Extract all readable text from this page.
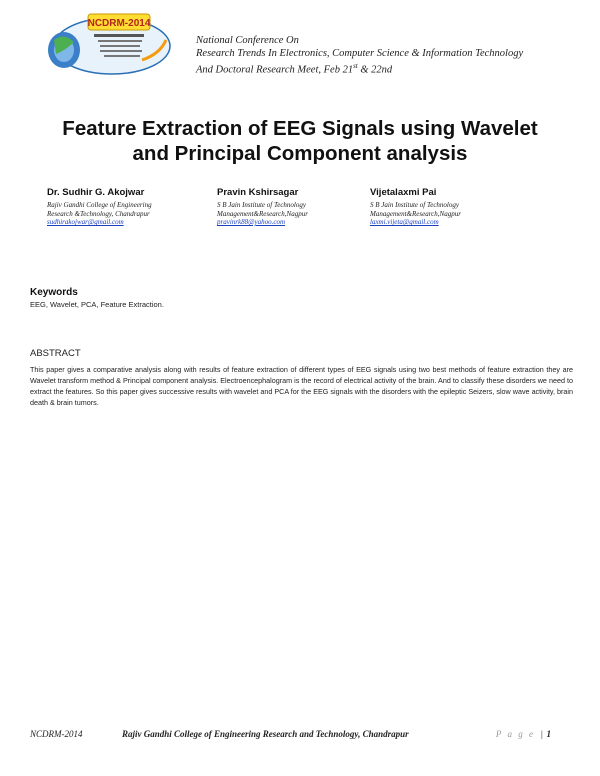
NCDRM-2014
National Conference On
Research Trends In Electronics, Computer Science & Information Technology
And Doctoral Research Meet, Feb 21st & 22nd
Feature Extraction of EEG Signals using Wavelet
and Principal Component analysis
Dr. Sudhir G. Akojwar
Rajiv Gandhi College of Engineering
Research &Technology, Chandrapur
sudhirakojwar@gmail.com
Pravin Kshirsagar
S B Jain Institute of Technology
Management&Research,Nagpur
pravinrk88@yahoo.com
Vijetalaxmi Pai
S B Jain Institute of Technology
Management&Research,Nagpur
laxmi.vijeta@gmail.com
Keywords
EEG, Wavelet, PCA, Feature Extraction.
ABSTRACT
This paper gives a comparative analysis along with results of feature extraction of different types of EEG signals using two best methods of feature extraction they are Wavelet transform method & Principal component analysis. Electroencephalogram is the record of electrical activity of the brain. And to classify these disorders we need to extract the features. So this paper gives successive results with wavelet and PCA for the EEG signals with the disorders with the epileptic Seizers, slow wave activity, brain death & brain tumors.
NCDRM-2014	Rajiv Gandhi College of Engineering Research and Technology, Chandrapur	P a g e | 1
